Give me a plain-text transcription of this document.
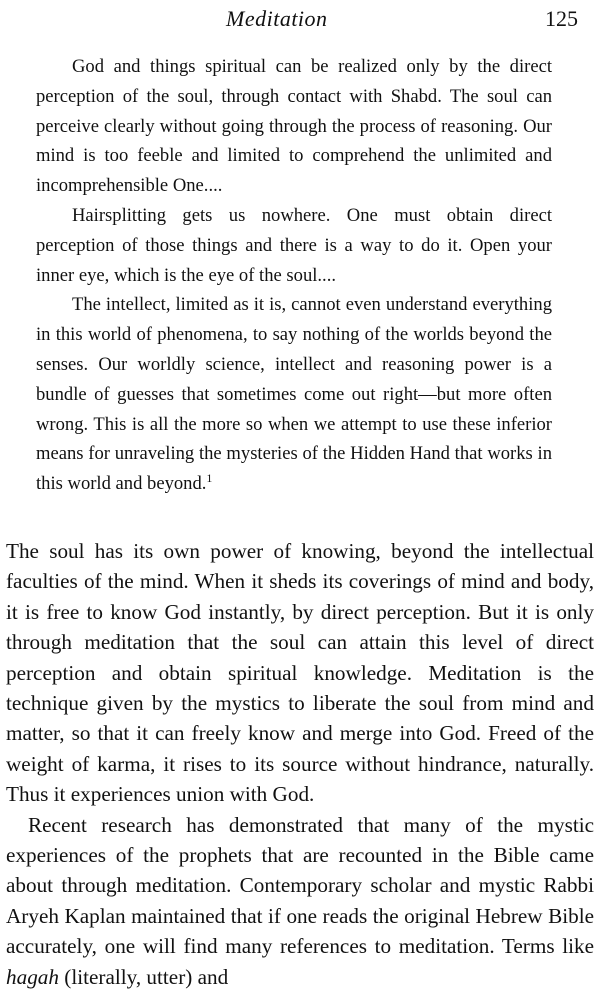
Meditation	125

God and things spiritual can be realized only by the direct perception of the soul, through contact with Shabd. The soul can perceive clearly without going through the process of reasoning. Our mind is too feeble and limited to comprehend the unlimited and incomprehensible One....

Hairsplitting gets us nowhere. One must obtain direct perception of those things and there is a way to do it. Open your inner eye, which is the eye of the soul....

The intellect, limited as it is, cannot even understand everything in this world of phenomena, to say nothing of the worlds beyond the senses. Our worldly science, intellect and reasoning power is a bundle of guesses that sometimes come out right—but more often wrong. This is all the more so when we attempt to use these inferior means for unraveling the mysteries of the Hidden Hand that works in this world and beyond.$^1$

The soul has its own power of knowing, beyond the intellectual faculties of the mind. When it sheds its coverings of mind and body, it is free to know God instantly, by direct perception. But it is only through meditation that the soul can attain this level of direct perception and obtain spiritual knowledge. Meditation is the technique given by the mystics to liberate the soul from mind and matter, so that it can freely know and merge into God. Freed of the weight of karma, it rises to its source without hindrance, naturally. Thus it experiences union with God.

Recent research has demonstrated that many of the mystic experiences of the prophets that are recounted in the Bible came about through meditation. Contemporary scholar and mystic Rabbi Aryeh Kaplan maintained that if one reads the original Hebrew Bible accurately, one will find many references to meditation. Terms like hagah (literally, utter) and
